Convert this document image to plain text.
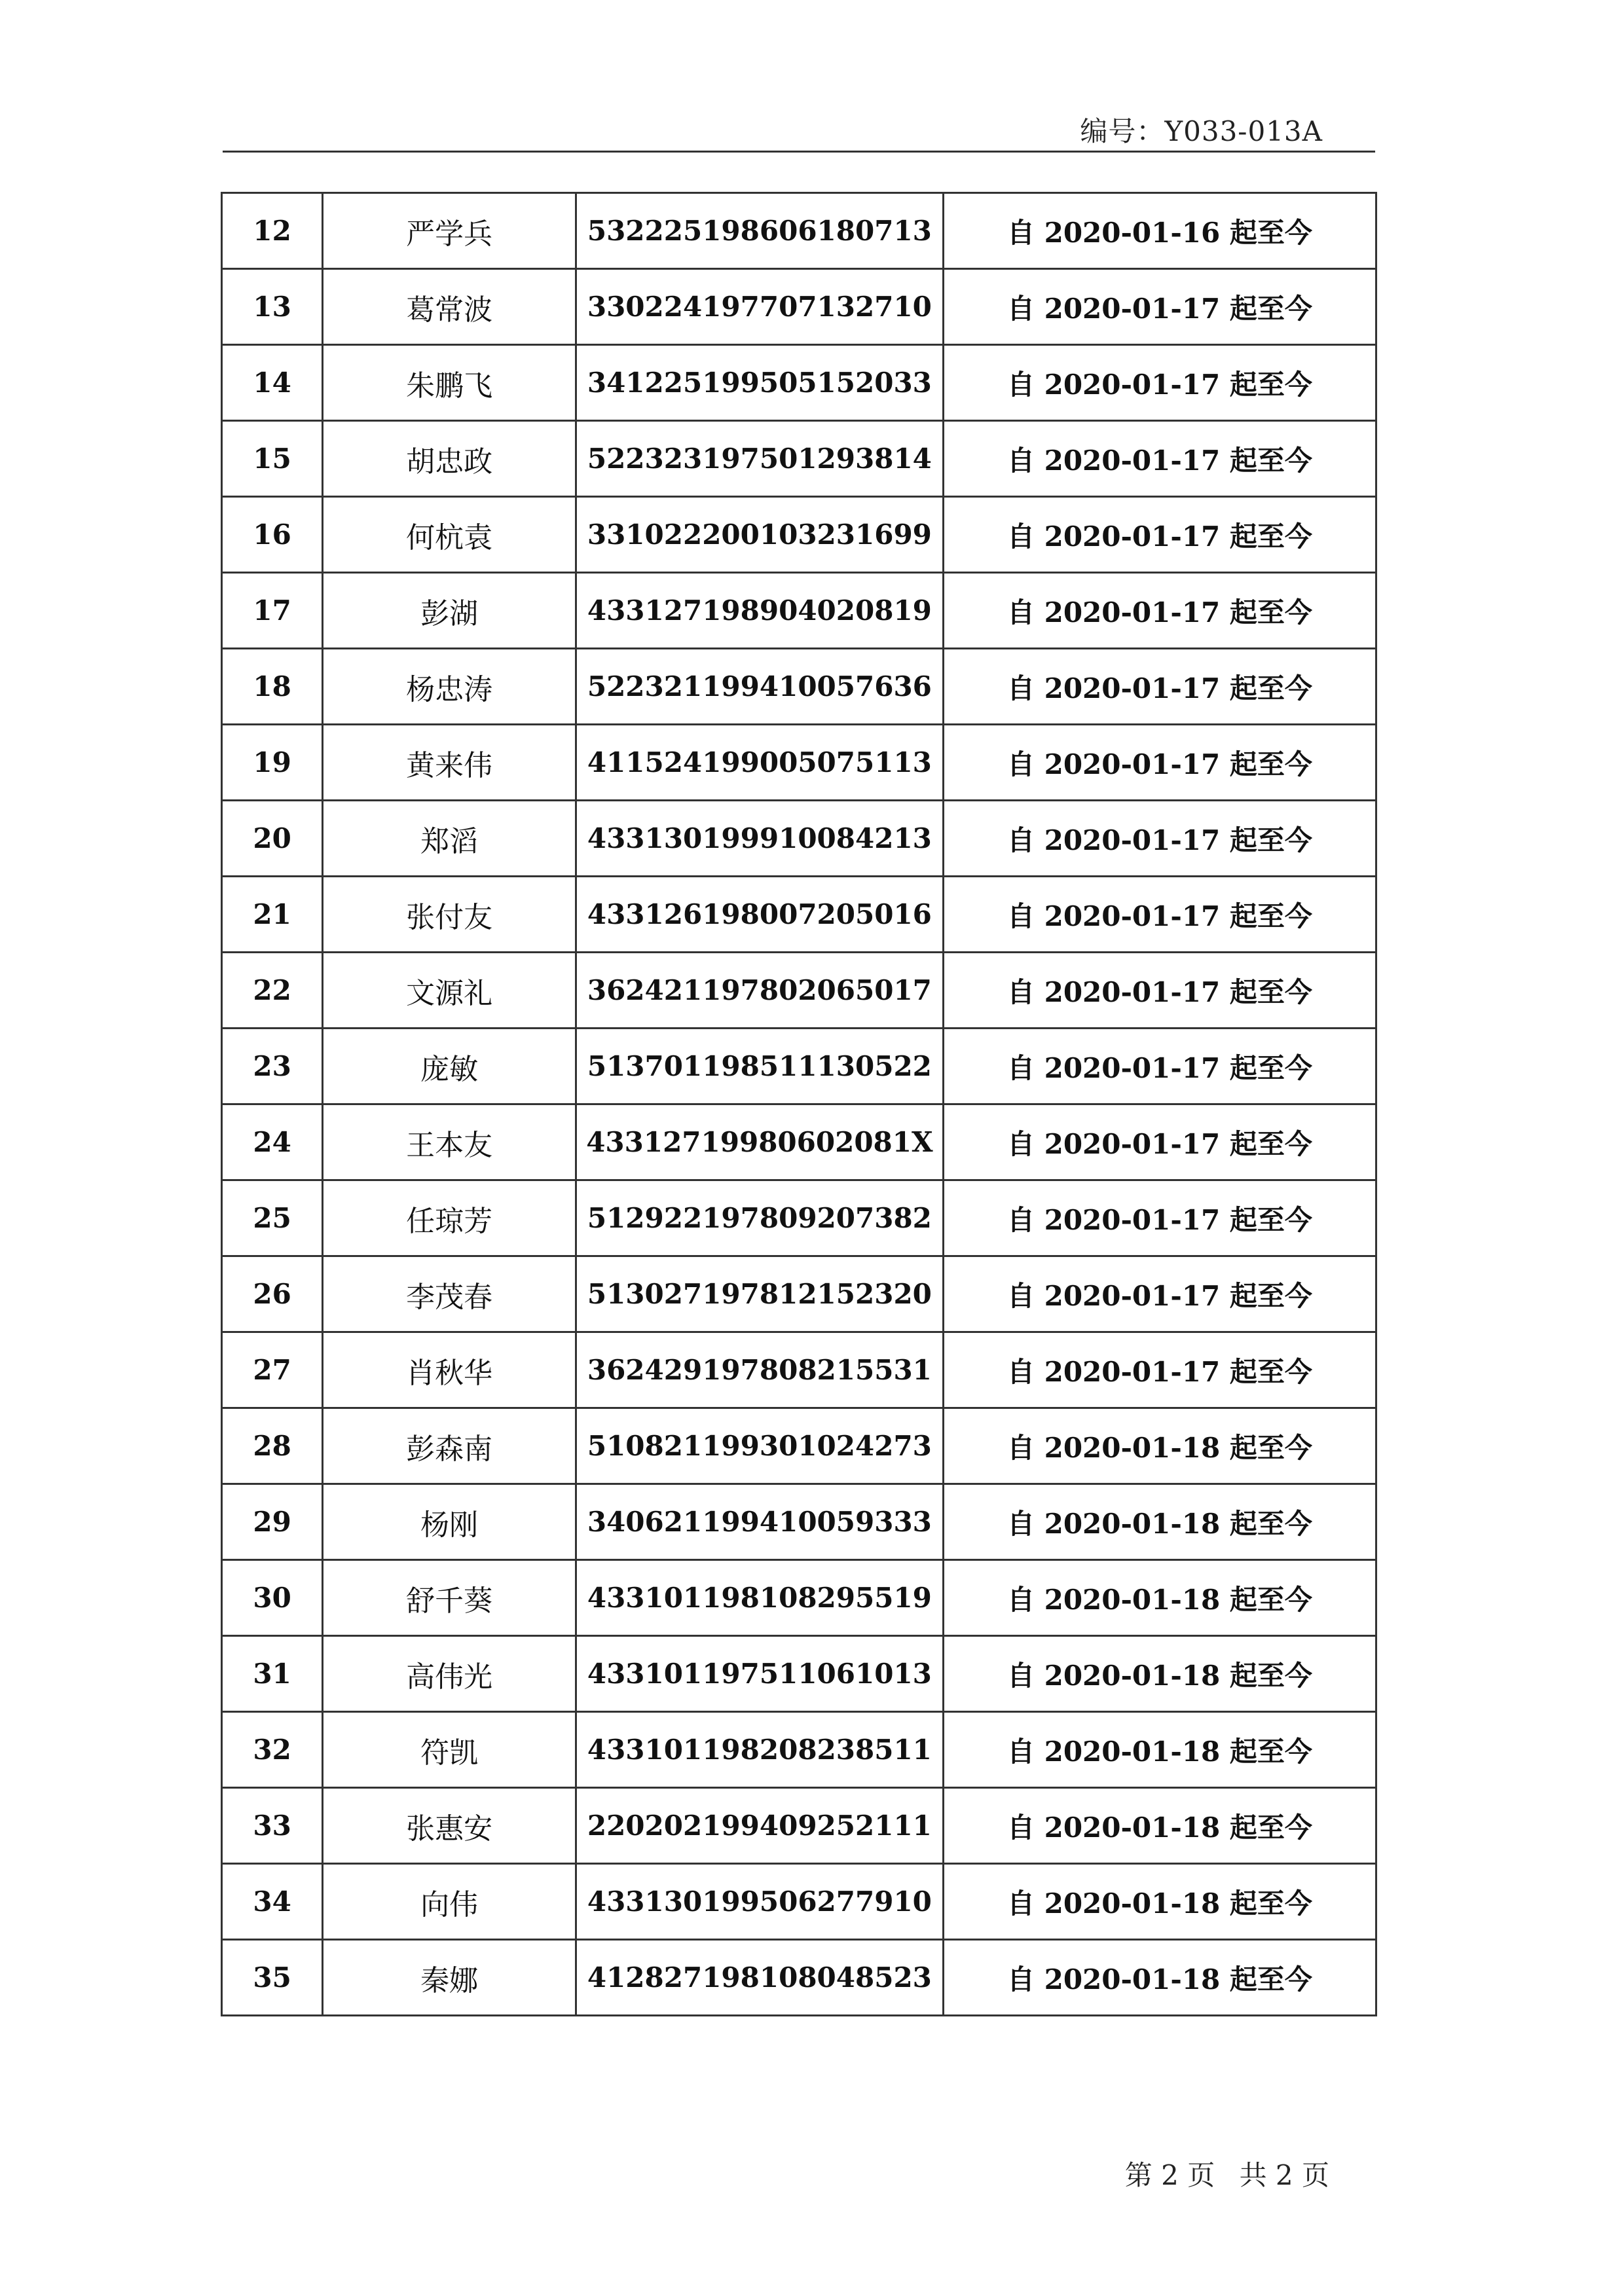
编号：Y033-013A
12	严学兵	532225198606180713	自 2020-01-16 起至今
13	葛常波	330224197707132710	自 2020-01-17 起至今
14	朱鹏飞	341225199505152033	自 2020-01-17 起至今
15	胡忠政	522323197501293814	自 2020-01-17 起至今
16	何杭袁	331022200103231699	自 2020-01-17 起至今
17	彭湖	433127198904020819	自 2020-01-17 起至今
18	杨忠涛	522321199410057636	自 2020-01-17 起至今
19	黄来伟	411524199005075113	自 2020-01-17 起至今
20	郑滔	433130199910084213	自 2020-01-17 起至今
21	张付友	433126198007205016	自 2020-01-17 起至今
22	文源礼	362421197802065017	自 2020-01-17 起至今
23	庞敏	513701198511130522	自 2020-01-17 起至今
24	王本友	43312719980602081X	自 2020-01-17 起至今
25	任琼芳	512922197809207382	自 2020-01-17 起至今
26	李茂春	513027197812152320	自 2020-01-17 起至今
27	肖秋华	362429197808215531	自 2020-01-17 起至今
28	彭森南	510821199301024273	自 2020-01-18 起至今
29	杨刚	340621199410059333	自 2020-01-18 起至今
30	舒千葵	433101198108295519	自 2020-01-18 起至今
31	高伟光	433101197511061013	自 2020-01-18 起至今
32	符凯	433101198208238511	自 2020-01-18 起至今
33	张惠安	220202199409252111	自 2020-01-18 起至今
34	向伟	433130199506277910	自 2020-01-18 起至今
35	秦娜	412827198108048523	自 2020-01-18 起至今
第 2 页 共 2 页
